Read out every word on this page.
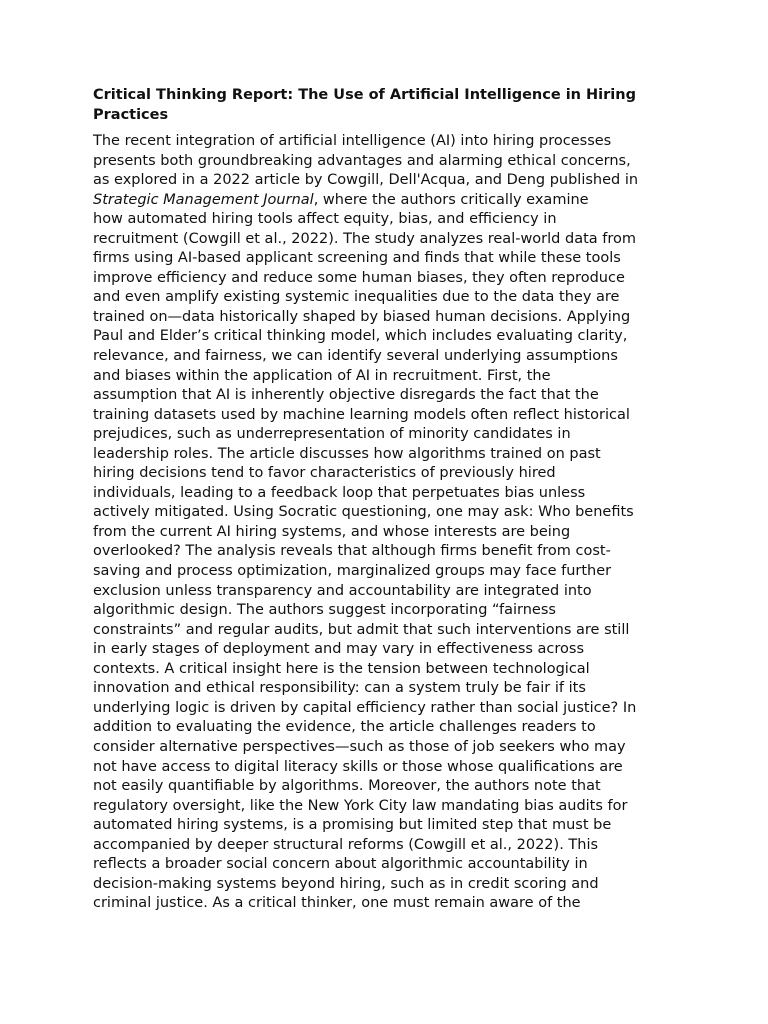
Critical Thinking Report: The Use of Artificial Intelligence in Hiring
Practices
The recent integration of artificial intelligence (AI) into hiring processes
presents both groundbreaking advantages and alarming ethical concerns,
as explored in a 2022 article by Cowgill, Dell'Acqua, and Deng published in
Strategic Management Journal, where the authors critically examine
how automated hiring tools affect equity, bias, and efficiency in
recruitment (Cowgill et al., 2022). The study analyzes real-world data from
firms using AI-based applicant screening and finds that while these tools
improve efficiency and reduce some human biases, they often reproduce
and even amplify existing systemic inequalities due to the data they are
trained on—data historically shaped by biased human decisions. Applying
Paul and Elder’s critical thinking model, which includes evaluating clarity,
relevance, and fairness, we can identify several underlying assumptions
and biases within the application of AI in recruitment. First, the
assumption that AI is inherently objective disregards the fact that the
training datasets used by machine learning models often reflect historical
prejudices, such as underrepresentation of minority candidates in
leadership roles. The article discusses how algorithms trained on past
hiring decisions tend to favor characteristics of previously hired
individuals, leading to a feedback loop that perpetuates bias unless
actively mitigated. Using Socratic questioning, one may ask: Who benefits
from the current AI hiring systems, and whose interests are being
overlooked? The analysis reveals that although firms benefit from cost-
saving and process optimization, marginalized groups may face further
exclusion unless transparency and accountability are integrated into
algorithmic design. The authors suggest incorporating “fairness
constraints” and regular audits, but admit that such interventions are still
in early stages of deployment and may vary in effectiveness across
contexts. A critical insight here is the tension between technological
innovation and ethical responsibility: can a system truly be fair if its
underlying logic is driven by capital efficiency rather than social justice? In
addition to evaluating the evidence, the article challenges readers to
consider alternative perspectives—such as those of job seekers who may
not have access to digital literacy skills or those whose qualifications are
not easily quantifiable by algorithms. Moreover, the authors note that
regulatory oversight, like the New York City law mandating bias audits for
automated hiring systems, is a promising but limited step that must be
accompanied by deeper structural reforms (Cowgill et al., 2022). This
reflects a broader social concern about algorithmic accountability in
decision-making systems beyond hiring, such as in credit scoring and
criminal justice. As a critical thinker, one must remain aware of the
